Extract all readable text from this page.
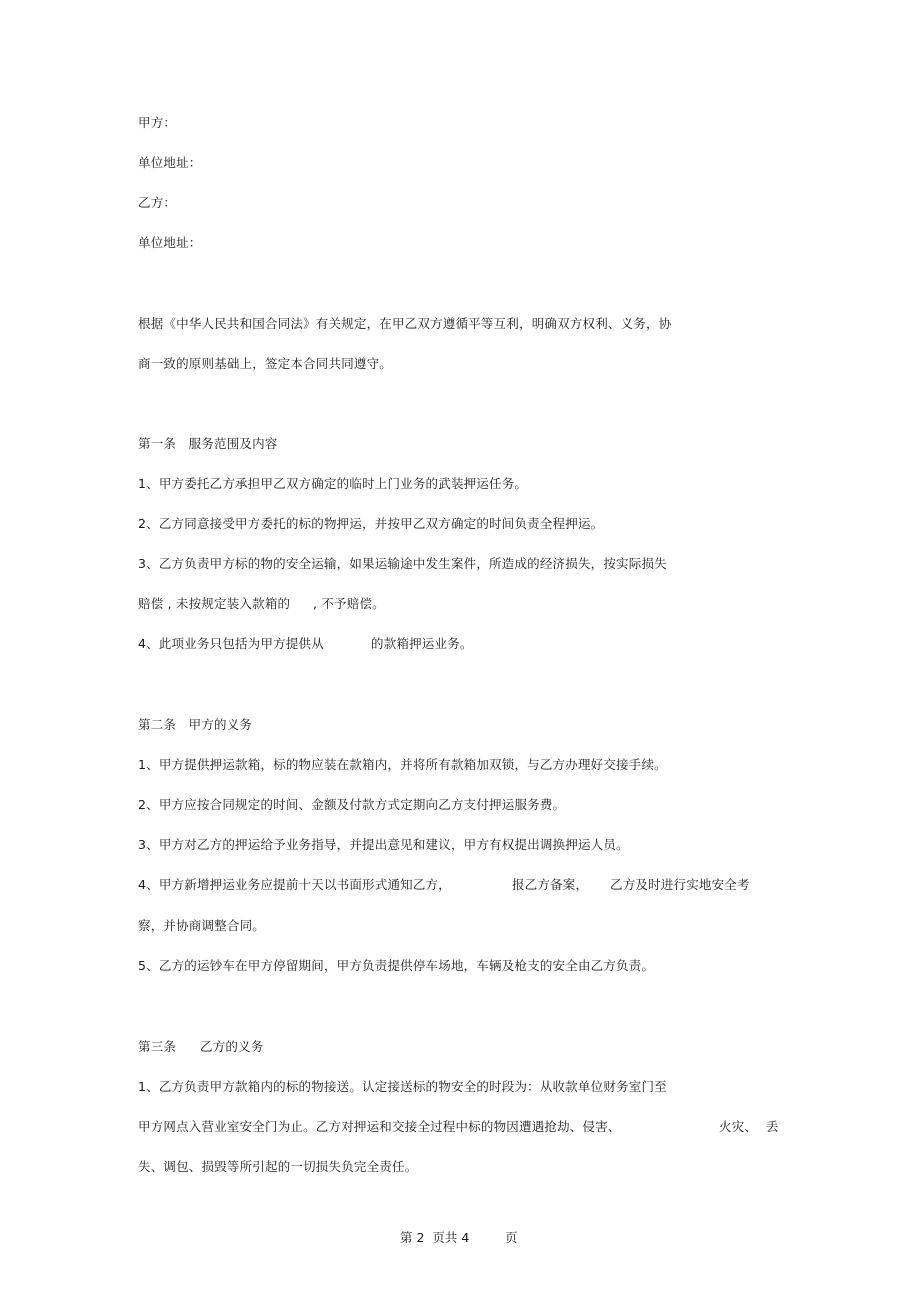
甲方：
单位地址：
乙方：
单位地址：
根据《中华人民共和国合同法》有关规定，在甲乙双方遵循平等互利，明确双方权利、义务，协
商一致的原则基础上，签定本合同共同遵守。
第一条   服务范围及内容
1、甲方委托乙方承担甲乙双方确定的临时上门业务的武装押运任务。
2、乙方同意接受甲方委托的标的物押运，并按甲乙双方确定的时间负责全程押运。
3、乙方负责甲方标的物的安全运输，如果运输途中发生案件，所造成的经济损失，按实际损失
赔偿 , 未按规定装入款箱的 , 不予赔偿。
4、此项业务只包括为甲方提供从	的款箱押运业务。
第二条   甲方的义务
1、甲方提供押运款箱，标的物应装在款箱内，并将所有款箱加双锁，与乙方办理好交接手续。
2、甲方应按合同规定的时间、金额及付款方式定期向乙方支付押运服务费。
3、甲方对乙方的押运给予业务指导，并提出意见和建议，甲方有权提出调换押运人员。
4、甲方新增押运业务应提前十天以书面形式通知乙方，	报乙方备案， 乙方及时进行实地安全考
察，并协商调整合同。
5、乙方的运钞车在甲方停留期间，甲方负责提供停车场地，车辆及枪支的安全由乙方负责。
第三条 乙方的义务
1、乙方负责甲方款箱内的标的物接送。认定接送标的物安全的时段为：从收款单位财务室门至
甲方网点入营业室安全门为止。乙方对押运和交接全过程中标的物因遭遇抢劫、侵害、	火灾、 丢
失、调包、损毁等所引起的一切损失负完全责任。
第 2  页共 4	页
